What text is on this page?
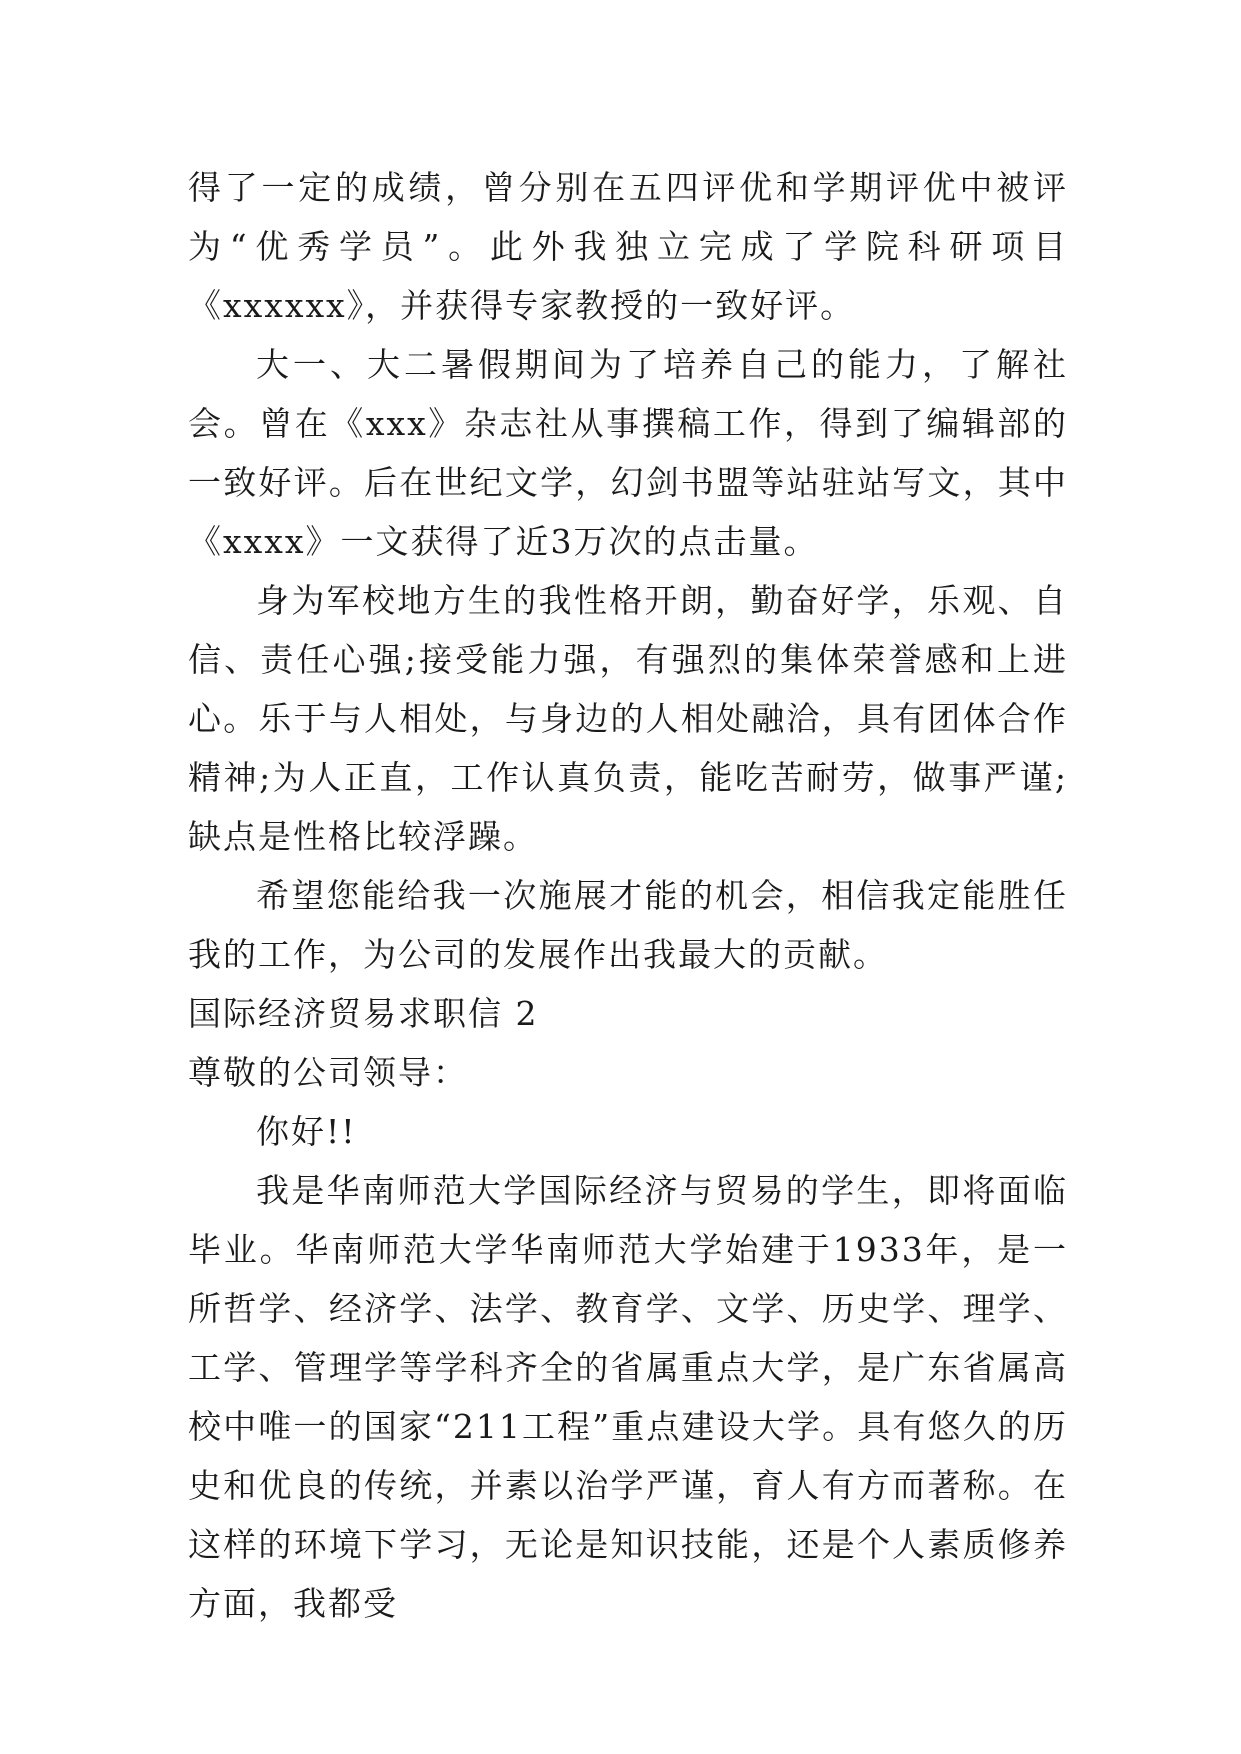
得了一定的成绩，曾分别在五四评优和学期评优中被评为“优秀学员”。此外我独立完成了学院科研项目《xxxxxx》，并获得专家教授的一致好评。

大一、大二暑假期间为了培养自己的能力，了解社会。曾在《xxx》杂志社从事撰稿工作，得到了编辑部的一致好评。后在世纪文学，幻剑书盟等站驻站写文，其中《xxxx》一文获得了近3万次的点击量。

身为军校地方生的我性格开朗，勤奋好学，乐观、自信、责任心强;接受能力强，有强烈的集体荣誉感和上进心。乐于与人相处，与身边的人相处融洽，具有团体合作精神;为人正直，工作认真负责，能吃苦耐劳，做事严谨;缺点是性格比较浮躁。

希望您能给我一次施展才能的机会，相信我定能胜任我的工作，为公司的发展作出我最大的贡献。

国际经济贸易求职信 2

尊敬的公司领导：

你好!!

我是华南师范大学国际经济与贸易的学生，即将面临毕业。华南师范大学华南师范大学始建于1933年，是一所哲学、经济学、法学、教育学、文学、历史学、理学、工学、管理学等学科齐全的省属重点大学，是广东省属高校中唯一的国家“211工程”重点建设大学。具有悠久的历史和优良的传统，并素以治学严谨，育人有方而著称。在这样的环境下学习，无论是知识技能，还是个人素质修养方面，我都受
